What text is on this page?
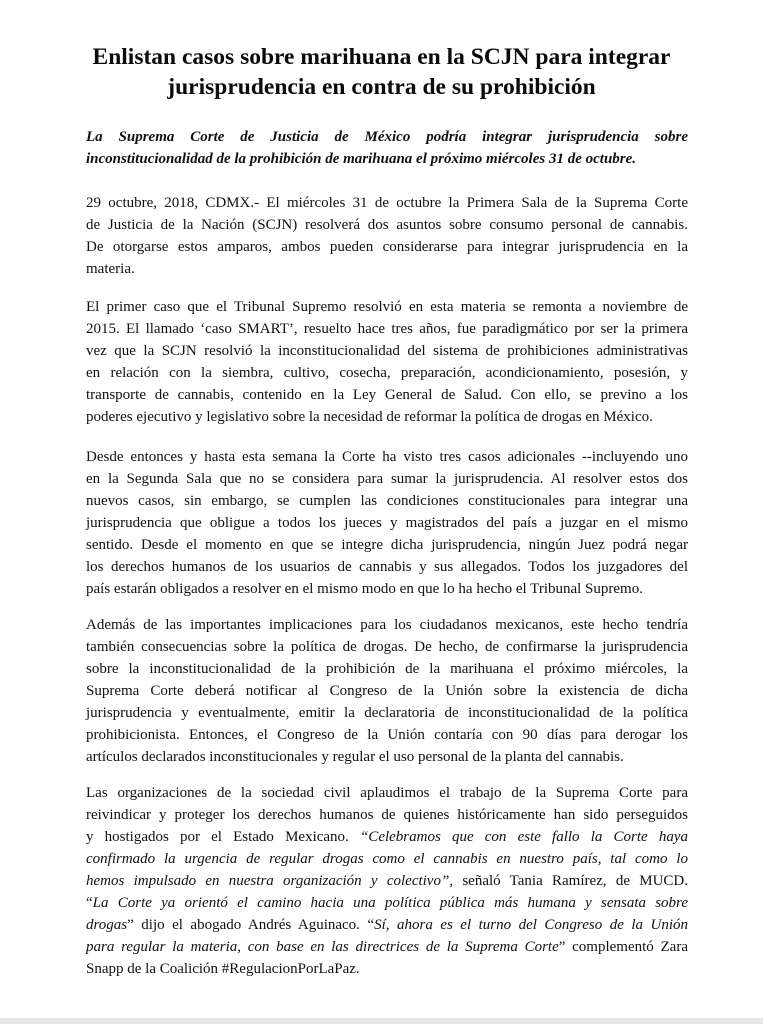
Enlistan casos sobre marihuana en la SCJN para integrar
jurisprudencia en contra de su prohibición

La Suprema Corte de Justicia de México podría integrar jurisprudencia sobre
inconstitucionalidad de la prohibición de marihuana el próximo miércoles 31 de octubre.

29 octubre, 2018, CDMX.- El miércoles 31 de octubre la Primera Sala de la Suprema Corte
de Justicia de la Nación (SCJN) resolverá dos asuntos sobre consumo personal de cannabis.
De otorgarse estos amparos, ambos pueden considerarse para integrar jurisprudencia en la
materia.

El primer caso que el Tribunal Supremo resolvió en esta materia se remonta a noviembre de
2015. El llamado ‘caso SMART’, resuelto hace tres años, fue paradigmático por ser la primera
vez que la SCJN resolvió la inconstitucionalidad del sistema de prohibiciones administrativas
en relación con la siembra, cultivo, cosecha, preparación, acondicionamiento, posesión, y
transporte de cannabis, contenido en la Ley General de Salud. Con ello, se previno a los
poderes ejecutivo y legislativo sobre la necesidad de reformar la política de drogas en México.

Desde entonces y hasta esta semana la Corte ha visto tres casos adicionales --incluyendo uno
en la Segunda Sala que no se considera para sumar la jurisprudencia. Al resolver estos dos
nuevos casos, sin embargo, se cumplen las condiciones constitucionales para integrar una
jurisprudencia que obligue a todos los jueces y magistrados del país a juzgar en el mismo
sentido. Desde el momento en que se integre dicha jurisprudencia, ningún Juez podrá negar
los derechos humanos de los usuarios de cannabis y sus allegados. Todos los juzgadores del
país estarán obligados a resolver en el mismo modo en que lo ha hecho el Tribunal Supremo.

Además de las importantes implicaciones para los ciudadanos mexicanos, este hecho tendría
también consecuencias sobre la política de drogas. De hecho, de confirmarse la jurisprudencia
sobre la inconstitucionalidad de la prohibición de la marihuana el próximo miércoles, la
Suprema Corte deberá notificar al Congreso de la Unión sobre la existencia de dicha
jurisprudencia y eventualmente, emitir la declaratoria de inconstitucionalidad de la política
prohibicionista. Entonces, el Congreso de la Unión contaría con 90 días para derogar los
artículos declarados inconstitucionales y regular el uso personal de la planta del cannabis.

Las organizaciones de la sociedad civil aplaudimos el trabajo de la Suprema Corte para
reivindicar y proteger los derechos humanos de quienes históricamente han sido perseguidos
y hostigados por el Estado Mexicano. “Celebramos que con este fallo la Corte haya
confirmado la urgencia de regular drogas como el cannabis en nuestro país, tal como lo
hemos impulsado en nuestra organización y colectivo”, señaló Tania Ramírez, de MUCD.
“La Corte ya orientó el camino hacia una política pública más humana y sensata sobre
drogas” dijo el abogado Andrés Aguinaco. “Sí, ahora es el turno del Congreso de la Unión
para regular la materia, con base en las directrices de la Suprema Corte” complementó Zara
Snapp de la Coalición #RegulacionPorLaPaz.
